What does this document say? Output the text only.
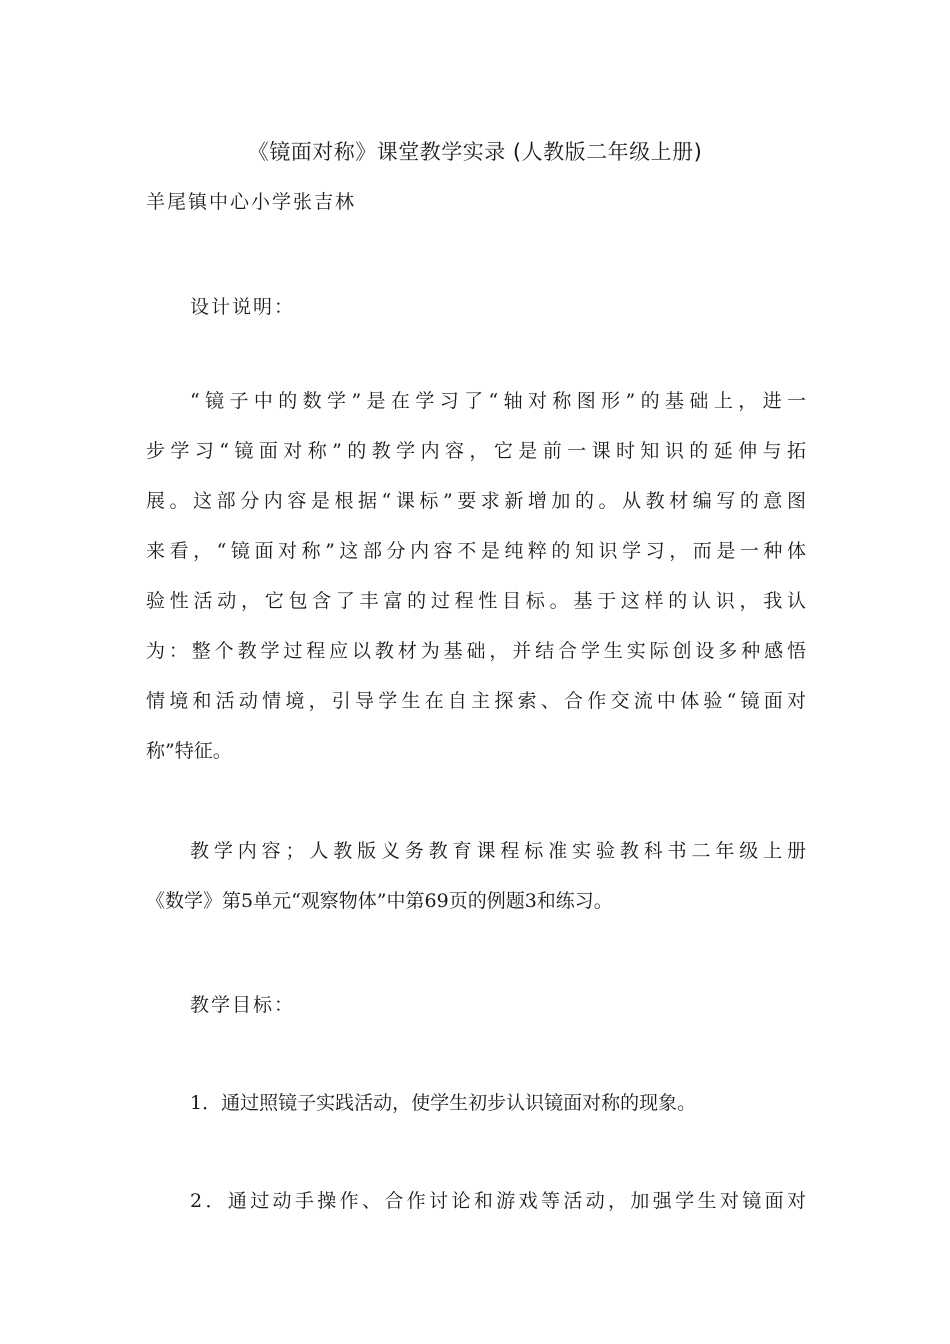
《镜面对称》课堂教学实录 (人教版二年级上册)
羊尾镇中心小学张吉林
设计说明：
“镜子中的数学”是在学习了“轴对称图形”的基础上，进一
步学习“镜面对称”的教学内容，它是前一课时知识的延伸与拓
展。这部分内容是根据“课标”要求新增加的。从教材编写的意图
来看，“镜面对称”这部分内容不是纯粹的知识学习，而是一种体
验性活动，它包含了丰富的过程性目标。基于这样的认识，我认
为：整个教学过程应以教材为基础，并结合学生实际创设多种感悟
情境和活动情境，引导学生在自主探索、合作交流中体验“镜面对
称”特征。
教学内容；人教版义务教育课程标准实验教科书二年级上册
《数学》第5单元“观察物体”中第69页的例题3和练习。
教学目标：
1．通过照镜子实践活动，使学生初步认识镜面对称的现象。
2．通过动手操作、合作讨论和游戏等活动，加强学生对镜面对
